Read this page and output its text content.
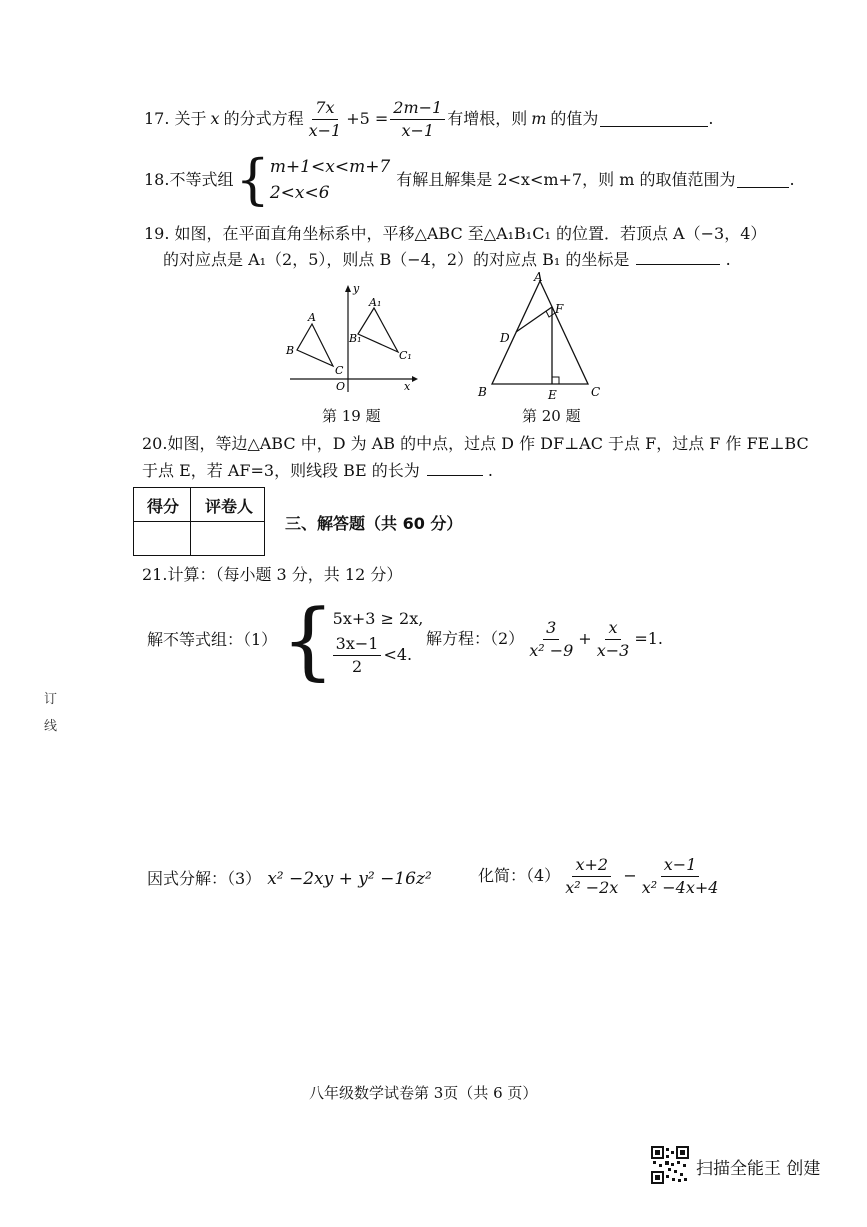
17. 关于 x 的分式方程 $\frac{7x}{x-1} +5 = \frac{2m-1}{x-1}$ 有增根，则 m 的值为	.
18.不等式组 { m+1<x<m+7
2<x<6
有解且解集是 2<x<m+7，则 m 的取值范围为	.
19. 如图，在平面直角坐标系中，平移△ABC 至△A₁B₁C₁ 的位置．若顶点 A（−3，4）
的对应点是 A₁（2，5），则点 B（−4，2）的对应点 B₁ 的坐标是	.
y
x
O
A
B
C
A₁
B₁
C₁
第 19 题
A
B	C
D
E
F
第 20 题
20.如图，等边△ABC 中，D 为 AB 的中点，过点 D 作 DF⊥AC 于点 F，过点 F 作 FE⊥BC
于点 E，若 AF=3，则线段 BE 的长为	.
得分 评卷人
三、解答题（共 60 分）
21.计算：（每小题 3 分，共 12 分）
解不等式组：（1） {
5x+3 ≥ 2x,
$\frac{3x-1}{2} <4$.
解方程：$(2) \frac{3}{\text{x² −9}} + \frac{x}{x-3} =1$.
因式分解：（3） x² −2xy + y² −16z²	化简：$(4) \frac{x+2}{\text{x² −2x}} - \frac{x-1}{\text{x² −4x+4}}$
订
线
八年级数学试卷第 3页（共 6 页）
扫描全能王 创建
